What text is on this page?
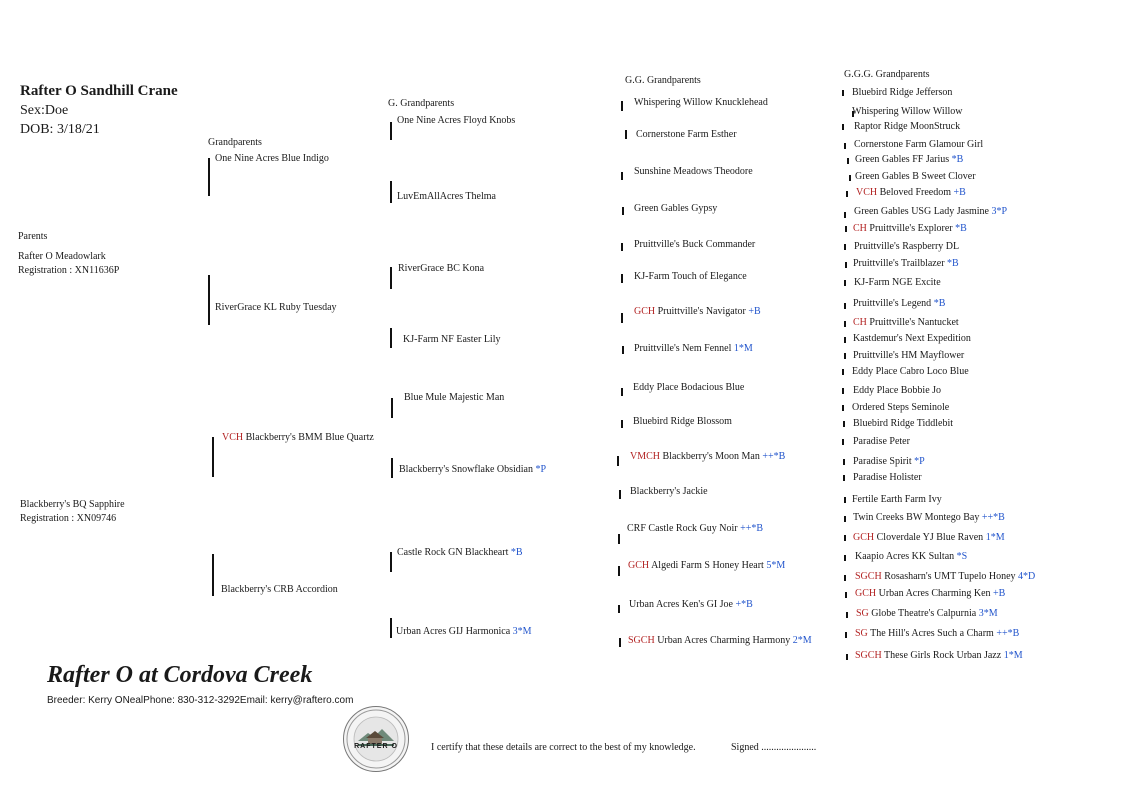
Rafter O Sandhill Crane
Sex:Doe
DOB: 3/18/21
Parents
Grandparents
G. Grandparents
G.G. Grandparents
G.G.G. Grandparents
Rafter O Meadowlark
Registration : XN11636P
Blackberry's BQ Sapphire
Registration : XN09746
One Nine Acres Blue Indigo
RiverGrace KL Ruby Tuesday
VCH Blackberry's BMM Blue Quartz
Blackberry's CRB Accordion
One Nine Acres Floyd Knobs
LuvEmAllAcres Thelma
RiverGrace BC Kona
KJ-Farm NF Easter Lily
Blue Mule Majestic Man
Blackberry's Snowflake Obsidian *P
Castle Rock GN Blackheart *B
Urban Acres GIJ Harmonica 3*M
Whispering Willow Knucklehead
Cornerstone Farm Esther
Sunshine Meadows Theodore
Green Gables Gypsy
Pruittville's Buck Commander
KJ-Farm Touch of Elegance
GCH Pruittville's Navigator +B
Pruittville's Nem Fennel 1*M
Eddy Place Bodacious Blue
Bluebird Ridge Blossom
VMCH Blackberry's Moon Man ++*B
Blackberry's Jackie
CRF Castle Rock Guy Noir ++*B
GCH Algedi Farm S Honey Heart 5*M
Urban Acres Ken's GI Joe +*B
SGCH Urban Acres Charming Harmony 2*M
Bluebird Ridge Jefferson
Whispering Willow Willow
Raptor Ridge MoonStruck
Cornerstone Farm Glamour Girl
Green Gables FF Jarius *B
Green Gables B Sweet Clover
VCH Beloved Freedom +B
Green Gables USG Lady Jasmine 3*P
CH Pruittville's Explorer *B
Pruittville's Raspberry DL
Pruittville's Trailblazer *B
KJ-Farm NGE Excite
Pruittville's Legend *B
CH Pruittville's Nantucket
Kastdemur's Next Expedition
Pruittville's HM Mayflower
Eddy Place Cabro Loco Blue
Eddy Place Bobbie Jo
Ordered Steps Seminole
Bluebird Ridge Tiddlebit
Paradise Peter
Paradise Spirit *P
Paradise Holister
Fertile Earth Farm Ivy
Twin Creeks BW Montego Bay ++*B
GCH Cloverdale YJ Blue Raven 1*M
Kaapio Acres KK Sultan *S
SGCH Rosasharn's UMT Tupelo Honey 4*D
GCH Urban Acres Charming Ken +B
SG Globe Theatre's Calpurnia 3*M
SG The Hill's Acres Such a Charm ++*B
SGCH These Girls Rock Urban Jazz 1*M
Rafter O at Cordova Creek
Breeder: Kerry ONealPhone: 830-312-3292Email: kerry@raftero.com
RAFTER O	I certify that these details are correct to the best of my knowledge.	Signed ......................
